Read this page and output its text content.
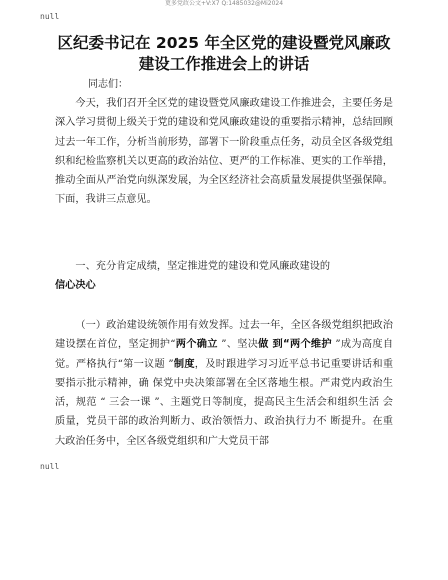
更多党政公文+V:X7 Q:1485032@Mi2024
null
区纪委书记在 2025 年全区党的建设暨党风廉政
建设工作推进会上的讲话
同志们：

今天，我们召开全区党的建设暨党风廉政建设工作推进会，主要任务是深入学习贯彻上级关于党的建设和党风廉政建设的重要指示精神，总结回顾过去一年工作，分析当前形势，部署下一阶段重点任务，动员全区各级党组织和纪检监察机关以更高的政治站位、更严的工作标准、更实的工作举措，推动全面从严治党向纵深发展，为全区经济社会高质量发展提供坚强保障。下面，我讲三点意见。

一、充分肯定成绩，坚定推进党的建设和党风廉政建设的

信心决心

（一）政治建设统领作用有效发挥。过去一年，全区各级党组织把政治建设摆在首位，坚定拥护“两个确立 ”、坚决做 到“两个维护 ”成为高度自觉。严格执行“第一议题 ”制度，及时跟进学习习近平总书记重要讲话和重要指示批示精神，确 保党中央决策部署在全区落地生根。严肃党内政治生活，规范 “ 三会一课 ”、主题党日等制度，提高民主生活会和组织生活 会质量，党员干部的政治判断力、政治领悟力、政治执行力不 断提升。在重大政治任务中，全区各级党组织和广大党员干部

null
